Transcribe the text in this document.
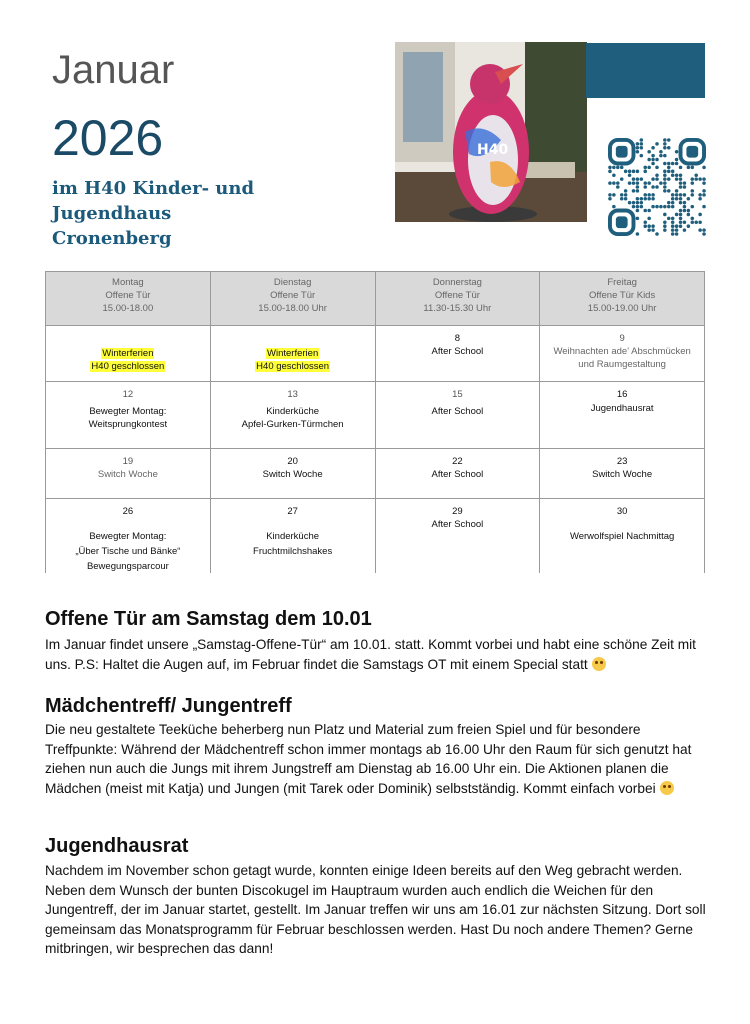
Januar
2026
im H40 Kinder- und
Jugendhaus
Cronenberg
H40
Montag
Offene Tür
15.00-18.00	Dienstag
Offene Tür
15.00-18.00 Uhr	Donnerstag
Offene Tür
11.30-15.30 Uhr	Freitag
Offene Tür Kids
15.00-19.00 Uhr

Winterferien
H40 geschlossen	Winterferien
H40 geschlossen	8
After School	9
Weihnachten ade' Abschmücken
und Raumgestaltung

12
Bewegter Montag:
Weitsprungkontest	13
Kinderküche
Apfel-Gurken-Türmchen	15
After School	16
Jugendhausrat

19
Switch Woche	20
Switch Woche	22
After School	23
Switch Woche

26
Bewegter Montag:
„Über Tische und Bänke“
Bewegungsparcour	27
Kinderküche
Fruchtmilchshakes	29
After School	30
Werwolfspiel Nachmittag
Offene Tür am Samstag dem 10.01

Im Januar findet unsere „Samstag-Offene-Tür“ am 10.01. statt. Kommt vorbei und habt eine schöne Zeit mit uns. P.S: Haltet die Augen auf, im Februar findet die Samstags OT mit einem Special statt

Mädchentreff/ Jungentreff

Die neu gestaltete Teeküche beherberg nun Platz und Material zum freien Spiel und für besondere Treffpunkte: Während der Mädchentreff schon immer montags ab 16.00 Uhr den Raum für sich genutzt hat ziehen nun auch die Jungs mit ihrem Jungstreff am Dienstag ab 16.00 Uhr ein. Die Aktionen planen die Mädchen (meist mit Katja) und Jungen (mit Tarek oder Dominik) selbstständig. Kommt einfach vorbei

Jugendhausrat

Nachdem im November schon getagt wurde, konnten einige Ideen bereits auf den Weg gebracht werden. Neben dem Wunsch der bunten Discokugel im Hauptraum wurden auch endlich die Weichen für den Jungentreff, der im Januar startet, gestellt. Im Januar treffen wir uns am 16.01 zur nächsten Sitzung. Dort soll gemeinsam das Monatsprogramm für Februar beschlossen werden. Hast Du noch andere Themen? Gerne mitbringen, wir besprechen das dann!
